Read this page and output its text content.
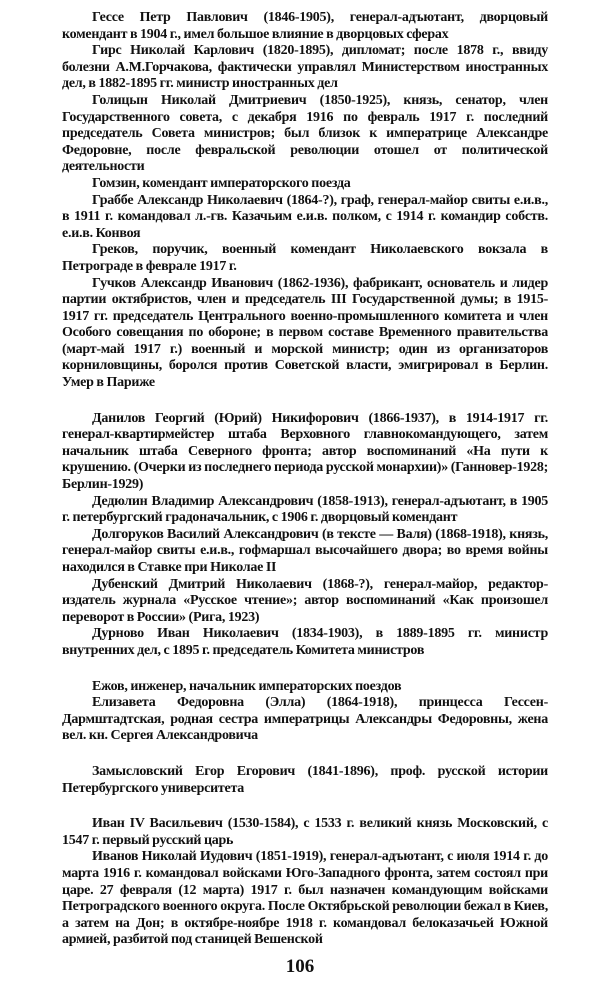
Гессе Петр Павлович (1846-1905), генерал-адъютант, дворцовый комендант в 1904 г., имел большое влияние в дворцовых сферах

Гирс Николай Карлович (1820-1895), дипломат; после 1878 г., ввиду болезни А.М.Горчакова, фактически управлял Министерством иностранных дел, в 1882-1895 гг. министр иностранных дел

Голицын Николай Дмитриевич (1850-1925), князь, сенатор, член Государственного совета, с декабря 1916 по февраль 1917 г. последний председатель Совета министров; был близок к императрице Александре Федоровне, после февральской революции отошел от политической деятельности

Гомзин, комендант императорского поезда

Граббе Александр Николаевич (1864-?), граф, генерал-майор свиты е.и.в., в 1911 г. командовал л.-гв. Казачьим е.и.в. полком, с 1914 г. командир собств. е.и.в. Конвоя

Греков, поручик, военный комендант Николаевского вокзала в Петрограде в феврале 1917 г.

Гучков Александр Иванович (1862-1936), фабрикант, основатель и лидер партии октябристов, член и председатель III Государственной думы; в 1915-1917 гг. председатель Центрального военно-промышленного комитета и член Особого совещания по обороне; в первом составе Временного правительства (март-май 1917 г.) военный и морской министр; один из организаторов корниловщины, боролся против Советской власти, эмигрировал в Берлин. Умер в Париже

Данилов Георгий (Юрий) Никифорович (1866-1937), в 1914-1917 гг. генерал-квартирмейстер штаба Верховного главнокомандующего, затем начальник штаба Северного фронта; автор воспоминаний «На пути к крушению. (Очерки из последнего периода русской монархии)» (Ганновер-1928; Берлин-1929)

Дедюлин Владимир Александрович (1858-1913), генерал-адъютант, в 1905 г. петербургский градоначальник, с 1906 г. дворцовый комендант

Долгоруков Василий Александрович (в тексте — Валя) (1868-1918), князь, генерал-майор свиты е.и.в., гофмаршал высочайшего двора; во время войны находился в Ставке при Николае II

Дубенский Дмитрий Николаевич (1868-?), генерал-майор, редактор-издатель журнала «Русское чтение»; автор воспоминаний «Как произошел переворот в России» (Рига, 1923)

Дурново Иван Николаевич (1834-1903), в 1889-1895 гг. министр внутренних дел, с 1895 г. председатель Комитета министров

Ежов, инженер, начальник императорских поездов

Елизавета Федоровна (Элла) (1864-1918), принцесса Гессен-Дармштадтская, родная сестра императрицы Александры Федоровны, жена вел. кн. Сергея Александровича

Замысловский Егор Егорович (1841-1896), проф. русской истории Петербургского университета

Иван IV Васильевич (1530-1584), с 1533 г. великий князь Московский, с 1547 г. первый русский царь

Иванов Николай Иудович (1851-1919), генерал-адъютант, с июля 1914 г. до марта 1916 г. командовал войсками Юго-Западного фронта, затем состоял при царе. 27 февраля (12 марта) 1917 г. был назначен командующим войсками Петроградского военного округа. После Октябрьской революции бежал в Киев, а затем на Дон; в октябре-ноябре 1918 г. командовал белоказачьей Южной армией, разбитой под станицей Вешенской

106
